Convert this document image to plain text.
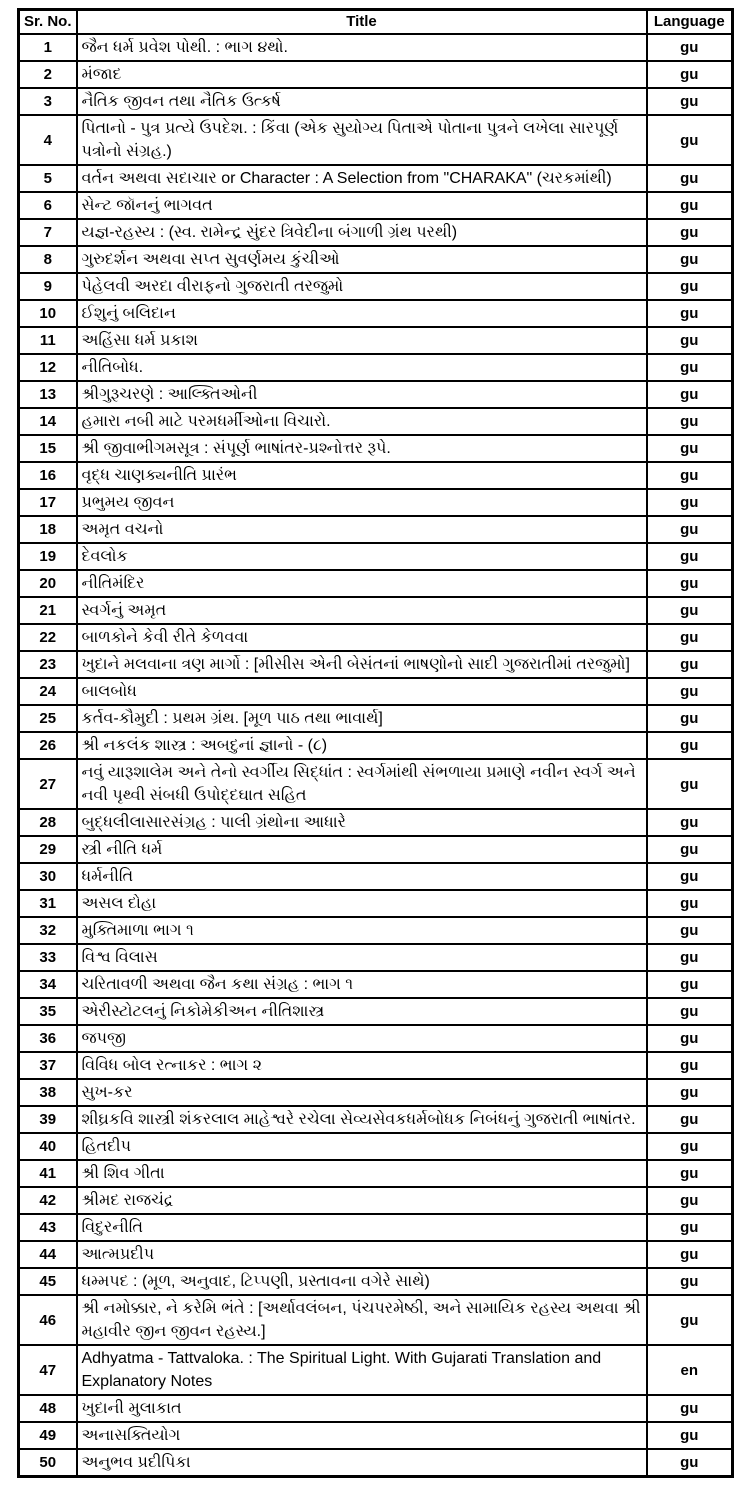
Sr. No.	Title	Language
1	જૈન ધર્મ પ્રવેશ પોથી. : ભાગ ૪થો.	gu
2	મંજાદ	gu
3	નૈતિક જીવન તથા નૈતિક ઉત્કર્ષ	gu
4	પિતાનો - પુત્ર પ્રત્યે ઉપદેશ. : કિંવા (એક સુયોગ્ય પિતાએ પોતાના પુત્રને લખેલા સારપૂર્ણ પત્રોનો સંગ્રહ.)	gu
5	વર્તન અથવા સદાચાર or Character : A Selection from "CHARAKA" (ચરકમાંથી)	gu
6	સેન્ટ જૉનનું ભાગવત	gu
7	યજ્ઞ-રહસ્ય : (સ્વ. રામેન્દ્ર સુંદર ત્રિવેદીના બંગાળી ગ્રંથ પરથી)	gu
8	ગુરુદર્શન અથવા સપ્ત સુવર્ણમય કુંચીઓ	gu
9	પેહેલવી અરદા વીરાફનો ગુજરાતી તરજુમો	gu
10	ઈશુનું બલિદાન	gu
11	અહિંસા ધર્મ પ્રકાશ	gu
12	નીતિબોધ.	gu
13	શ્રીગુરૂચરણે : આલ્ક્તિઓની	gu
14	હમારા નબી માટે પરમધર્મીઓના વિચારો.	gu
15	શ્રી જીવાભીગમસૂત્ર : સંપૂર્ણ ભાષાંતર-પ્રશ્નોત્તર રૂપે.	gu
16	વૃદ્ધ ચાણક્યનીતિ પ્રારંભ	gu
17	પ્રભુમય જીવન	gu
18	અમૃત વચનો	gu
19	દેવલોક	gu
20	નીતિમંદિર	gu
21	સ્વર્ગનું અમૃત	gu
22	બાળકોને કેવી રીતે કેળવવા	gu
23	ખુદાને મલવાના ત્રણ માર્ગો : [મીસીસ એની બેસંતનાં ભાષણોનો સાદી ગુજરાતીમાં તરજુમો]	gu
24	બાલબોધ	gu
25	કર્તવ-કૌમુદી : પ્રથમ ગ્રંથ. [મૂળ પાઠ તથા ભાવાર્થ]	gu
26	શ્રી નકલંક શાસ્ત્ર : અબદુનાં જ્ઞાનો - (૮)	gu
27	નવું યારૂશાલેમ અને તેનો સ્વર્ગીય સિદ્ધાંત : સ્વર્ગમાંથી સંભળાયા પ્રમાણે નવીન સ્વર્ગ અને નવી પૃથ્વી સંબધી ઉપોદ્દઘાત સહિત	gu
28	બુદ્ધલીલાસારસંગ્રહ : પાલી ગ્રંથોના આધારે	gu
29	સ્ત્રી નીતિ ધર્મ	gu
30	ધર્મનીતિ	gu
31	અસલ દોહા	gu
32	મુક્તિમાળા ભાગ ૧	gu
33	વિશ્વ વિલાસ	gu
34	ચરિતાવળી અથવા જૈન કથા સંગ્રહ : ભાગ ૧	gu
35	એરીસ્ટોટલનું નિકોમેકીઅન નીતિશાસ્ત્ર	gu
36	જપજી	gu
37	વિવિધ બોલ રત્નાકર : ભાગ ૨	gu
38	સુખ-કર	gu
39	શીઘ્રકવિ શાસ્ત્રી શંકરલાલ માહેશ્વરે રચેલા સેવ્યસેવકધર્મબોધક નિબંધનું ગુજરાતી ભાષાંતર.	gu
40	હિતદીપ	gu
41	શ્રી શિવ ગીતા	gu
42	શ્રીમદ રાજચંદ્ર	gu
43	વિદુરનીતિ	gu
44	આત્મપ્રદીપ	gu
45	ધમ્મપદ : (મૂળ, અનુવાદ, ટિપ્પણી, પ્રસ્તાવના વગેરે સાથે)	gu
46	શ્રી નમોક્કાર, ને કરેમિ ભંતે : [અર્થાવલંબન, પંચપરમેષ્ઠી, અને સામાયિક રહસ્ય અથવા શ્રી મહાવીર જીન જીવન રહસ્ય.]	gu
47	Adhyatma - Tattvaloka. : The Spiritual Light. With Gujarati Translation and Explanatory Notes	en
48	ખુદાની મુલાકાત	gu
49	અનાસક્તિયોગ	gu
50	અનુભવ પ્રદીપિકા	gu
